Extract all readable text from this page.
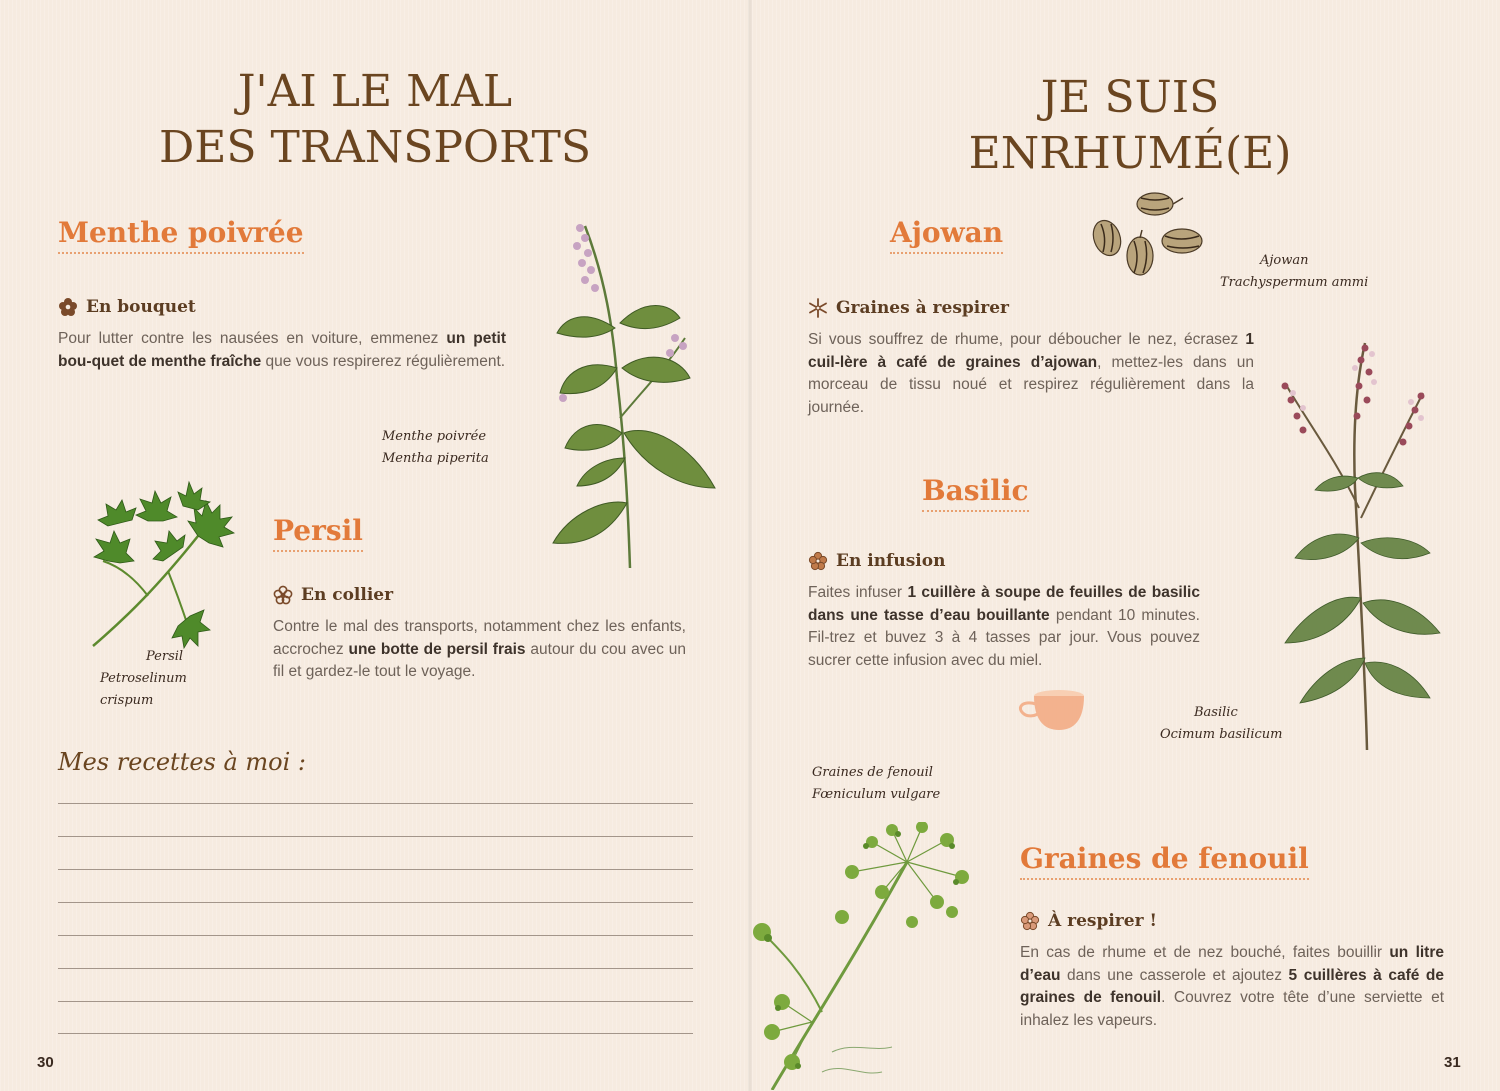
J'AI LE MAL
DES TRANSPORTS
Menthe poivrée
En bouquet
Pour lutter contre les nausées en voiture, emmenez un petit bou-quet de menthe fraîche que vous respirerez régulièrement.
Menthe poivrée
Mentha piperita
Persil
Petroselinum crispum
Persil
En collier
Contre le mal des transports, notamment chez les enfants, accrochez une botte de persil frais autour du cou avec un fil et gardez-le tout le voyage.
Mes recettes à moi :
30
JE SUIS ENRHUMÉ(E)
Ajowan
Ajowan
Trachyspermum ammi
Graines à respirer
Si vous souffrez de rhume, pour déboucher le nez, écrasez 1 cuil-lère à café de graines d’ajowan, mettez-les dans un morceau de tissu noué et respirez régulièrement dans la journée.
Basilic
En infusion
Faites infuser 1 cuillère à soupe de feuilles de basilic dans une tasse d’eau bouillante pendant 10 minutes. Fil-trez et buvez 3 à 4 tasses par jour. Vous pouvez sucrer cette infusion avec du miel.
Basilic
Ocimum basilicum
Graines de fenouil
Fœniculum vulgare
Graines de fenouil
À respirer !
En cas de rhume et de nez bouché, faites bouillir un litre d’eau dans une casserole et ajoutez 5 cuillères à café de graines de fenouil. Couvrez votre tête d’une serviette et inhalez les vapeurs.
31
